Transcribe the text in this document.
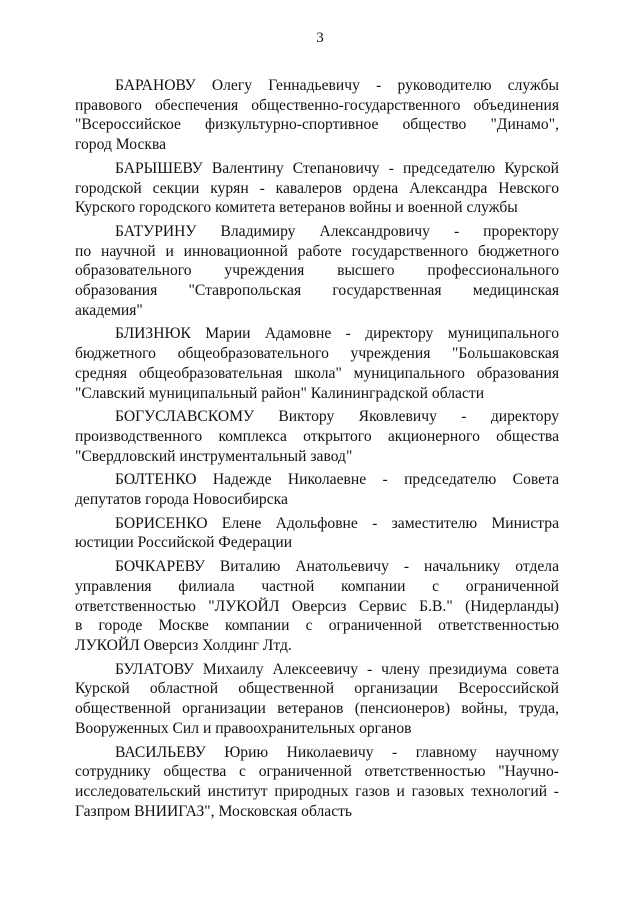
3
БАРАНОВУ Олегу Геннадьевичу - руководителю службы
правового обеспечения общественно-государственного объединения
"Всероссийское физкультурно-спортивное общество "Динамо",
город Москва
БАРЫШЕВУ Валентину Степановичу - председателю Курской
городской секции курян - кавалеров ордена Александра Невского
Курского городского комитета ветеранов войны и военной службы
БАТУРИНУ Владимиру Александровичу - проректору
по научной и инновационной работе государственного бюджетного
образовательного учреждения высшего профессионального
образования "Ставропольская государственная медицинская
академия"
БЛИЗНЮК Марии Адамовне - директору муниципального
бюджетного общеобразовательного учреждения "Большаковская
средняя общеобразовательная школа" муниципального образования
"Славский муниципальный район" Калининградской области
БОГУСЛАВСКОМУ Виктору Яковлевичу - директору
производственного комплекса открытого акционерного общества
"Свердловский инструментальный завод"
БОЛТЕНКО Надежде Николаевне - председателю Совета
депутатов города Новосибирска
БОРИСЕНКО Елене Адольфовне - заместителю Министра
юстиции Российской Федерации
БОЧКАРЕВУ Виталию Анатольевичу - начальнику отдела
управления филиала частной компании с ограниченной
ответственностью "ЛУКОЙЛ Оверсиз Сервис Б.В." (Нидерланды)
в городе Москве компании с ограниченной ответственностью
ЛУКОЙЛ Оверсиз Холдинг Лтд.
БУЛАТОВУ Михаилу Алексеевичу - члену президиума совета
Курской областной общественной организации Всероссийской
общественной организации ветеранов (пенсионеров) войны, труда,
Вооруженных Сил и правоохранительных органов
ВАСИЛЬЕВУ Юрию Николаевичу - главному научному
сотруднику общества с ограниченной ответственностью "Научно-
исследовательский институт природных газов и газовых технологий -
Газпром ВНИИГАЗ", Московская область
